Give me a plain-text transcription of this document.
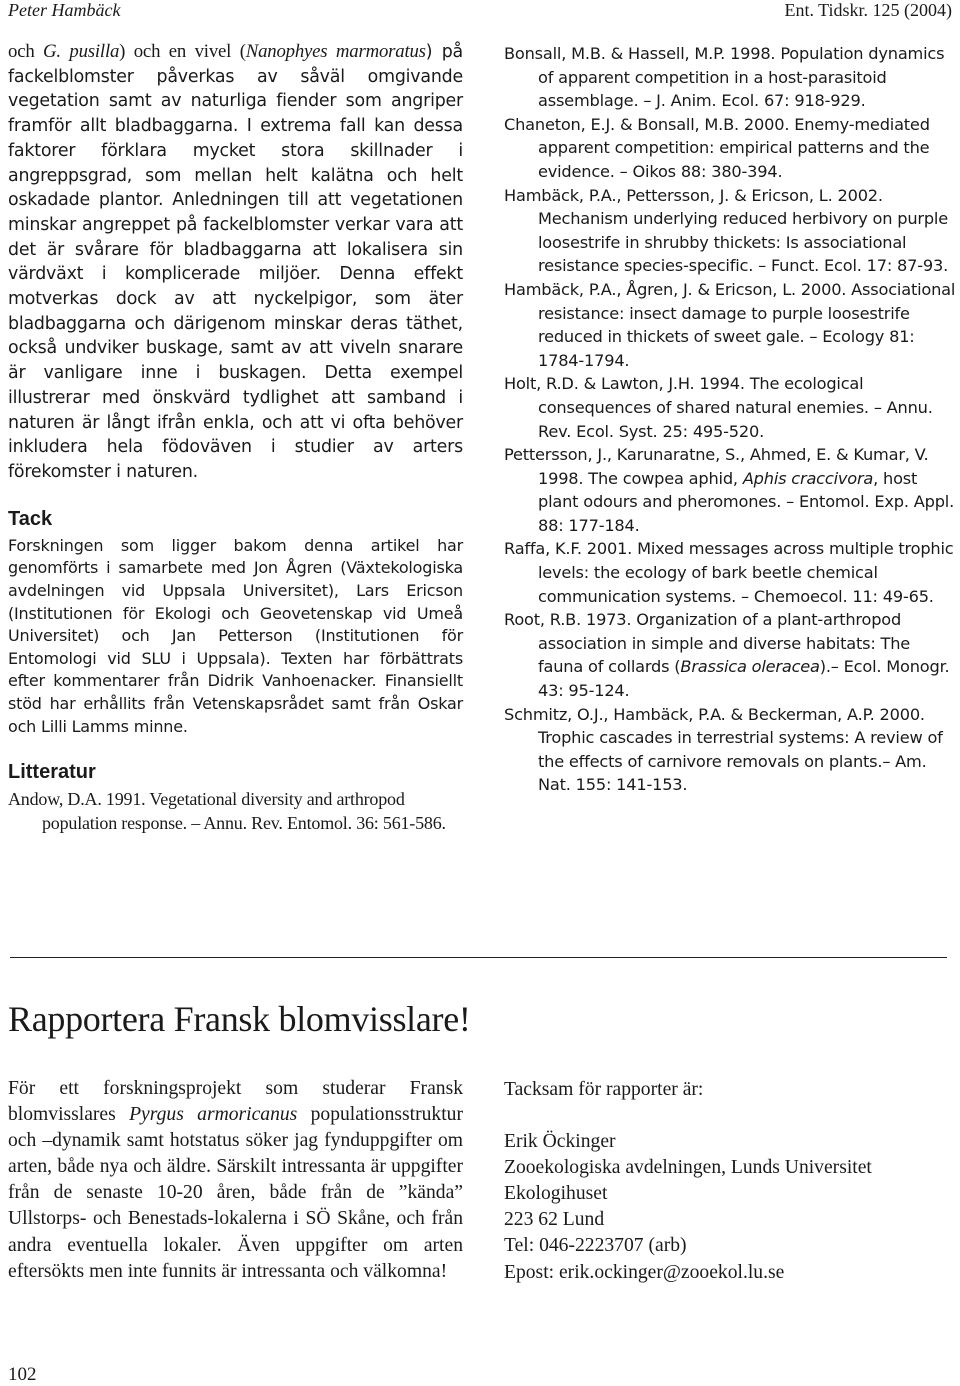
Peter Hambäck	Ent. Tidskr. 125 (2004)
och G. pusilla) och en vivel (Nanophyes marmoratus) på fackelblomster påverkas av såväl omgivande vegetation samt av naturliga fiender som angriper framför allt bladbaggarna. I extrema fall kan dessa faktorer förklara mycket stora skillnader i angreppsgrad, som mellan helt kalätna och helt oskadade plantor. Anledningen till att vegetationen minskar angreppet på fackelblomster verkar vara att det är svårare för bladbaggarna att lokalisera sin värdväxt i komplicerade miljöer. Denna effekt motverkas dock av att nyckelpigor, som äter bladbaggarna och därigenom minskar deras täthet, också undviker buskage, samt av att viveln snarare är vanligare inne i buskagen. Detta exempel illustrerar med önskvärd tydlighet att samband i naturen är långt ifrån enkla, och att vi ofta behöver inkludera hela födoväven i studier av arters förekomster i naturen.
Tack
Forskningen som ligger bakom denna artikel har genomförts i samarbete med Jon Ågren (Växtekologiska avdelningen vid Uppsala Universitet), Lars Ericson (Institutionen för Ekologi och Geovetenskap vid Umeå Universitet) och Jan Petterson (Institutionen för Entomologi vid SLU i Uppsala). Texten har förbättrats efter kommentarer från Didrik Vanhoenacker. Finansiellt stöd har erhållits från Vetenskapsrådet samt från Oskar och Lilli Lamms minne.
Litteratur

Andow, D.A. 1991. Vegetational diversity and arthropod population response. – Annu. Rev. Entomol. 36: 561-586.

Bonsall, M.B. & Hassell, M.P. 1998. Population dynamics of apparent competition in a host-parasitoid assemblage. – J. Anim. Ecol. 67: 918-929.

Chaneton, E.J. & Bonsall, M.B. 2000. Enemy-mediated apparent competition: empirical patterns and the evidence. – Oikos 88: 380-394.

Hambäck, P.A., Pettersson, J. & Ericson, L. 2002. Mechanism underlying reduced herbivory on purple loosestrife in shrubby thickets: Is associational resistance species-specific. – Funct. Ecol. 17: 87-93.

Hambäck, P.A., Ågren, J. & Ericson, L. 2000. Associational resistance: insect damage to purple loosestrife reduced in thickets of sweet gale. – Ecology 81: 1784-1794.

Holt, R.D. & Lawton, J.H. 1994. The ecological consequences of shared natural enemies. – Annu. Rev. Ecol. Syst. 25: 495-520.

Pettersson, J., Karunaratne, S., Ahmed, E. & Kumar, V. 1998. The cowpea aphid, Aphis craccivora, host plant odours and pheromones. – Entomol. Exp. Appl. 88: 177-184.

Raffa, K.F. 2001. Mixed messages across multiple trophic levels: the ecology of bark beetle chemical communication systems. – Chemoecol. 11: 49-65.

Root, R.B. 1973. Organization of a plant-arthropod association in simple and diverse habitats: The fauna of collards (Brassica oleracea).– Ecol. Monogr. 43: 95-124.

Schmitz, O.J., Hambäck, P.A. & Beckerman, A.P. 2000. Trophic cascades in terrestrial systems: A review of the effects of carnivore removals on plants.– Am. Nat. 155: 141-153.

Rapportera Fransk blomvisslare!
För ett forskningsprojekt som studerar Fransk blomvisslares Pyrgus armoricanus populationsstruktur och –dynamik samt hotstatus söker jag fynduppgifter om arten, både nya och äldre. Särskilt intressanta är uppgifter från de senaste 10-20 åren, både från de ”kända” Ullstorps- och Benestads-lokalerna i SÖ Skåne, och från andra eventuella lokaler. Även uppgifter om arten eftersökts men inte funnits är intressanta och välkomna!

Tacksam för rapporter är:

Erik Öckinger

Zooekologiska avdelningen, Lunds Universitet

Ekologihuset

223 62 Lund

Tel: 046-2223707 (arb)

Epost: erik.ockinger@zooekol.lu.se

102
